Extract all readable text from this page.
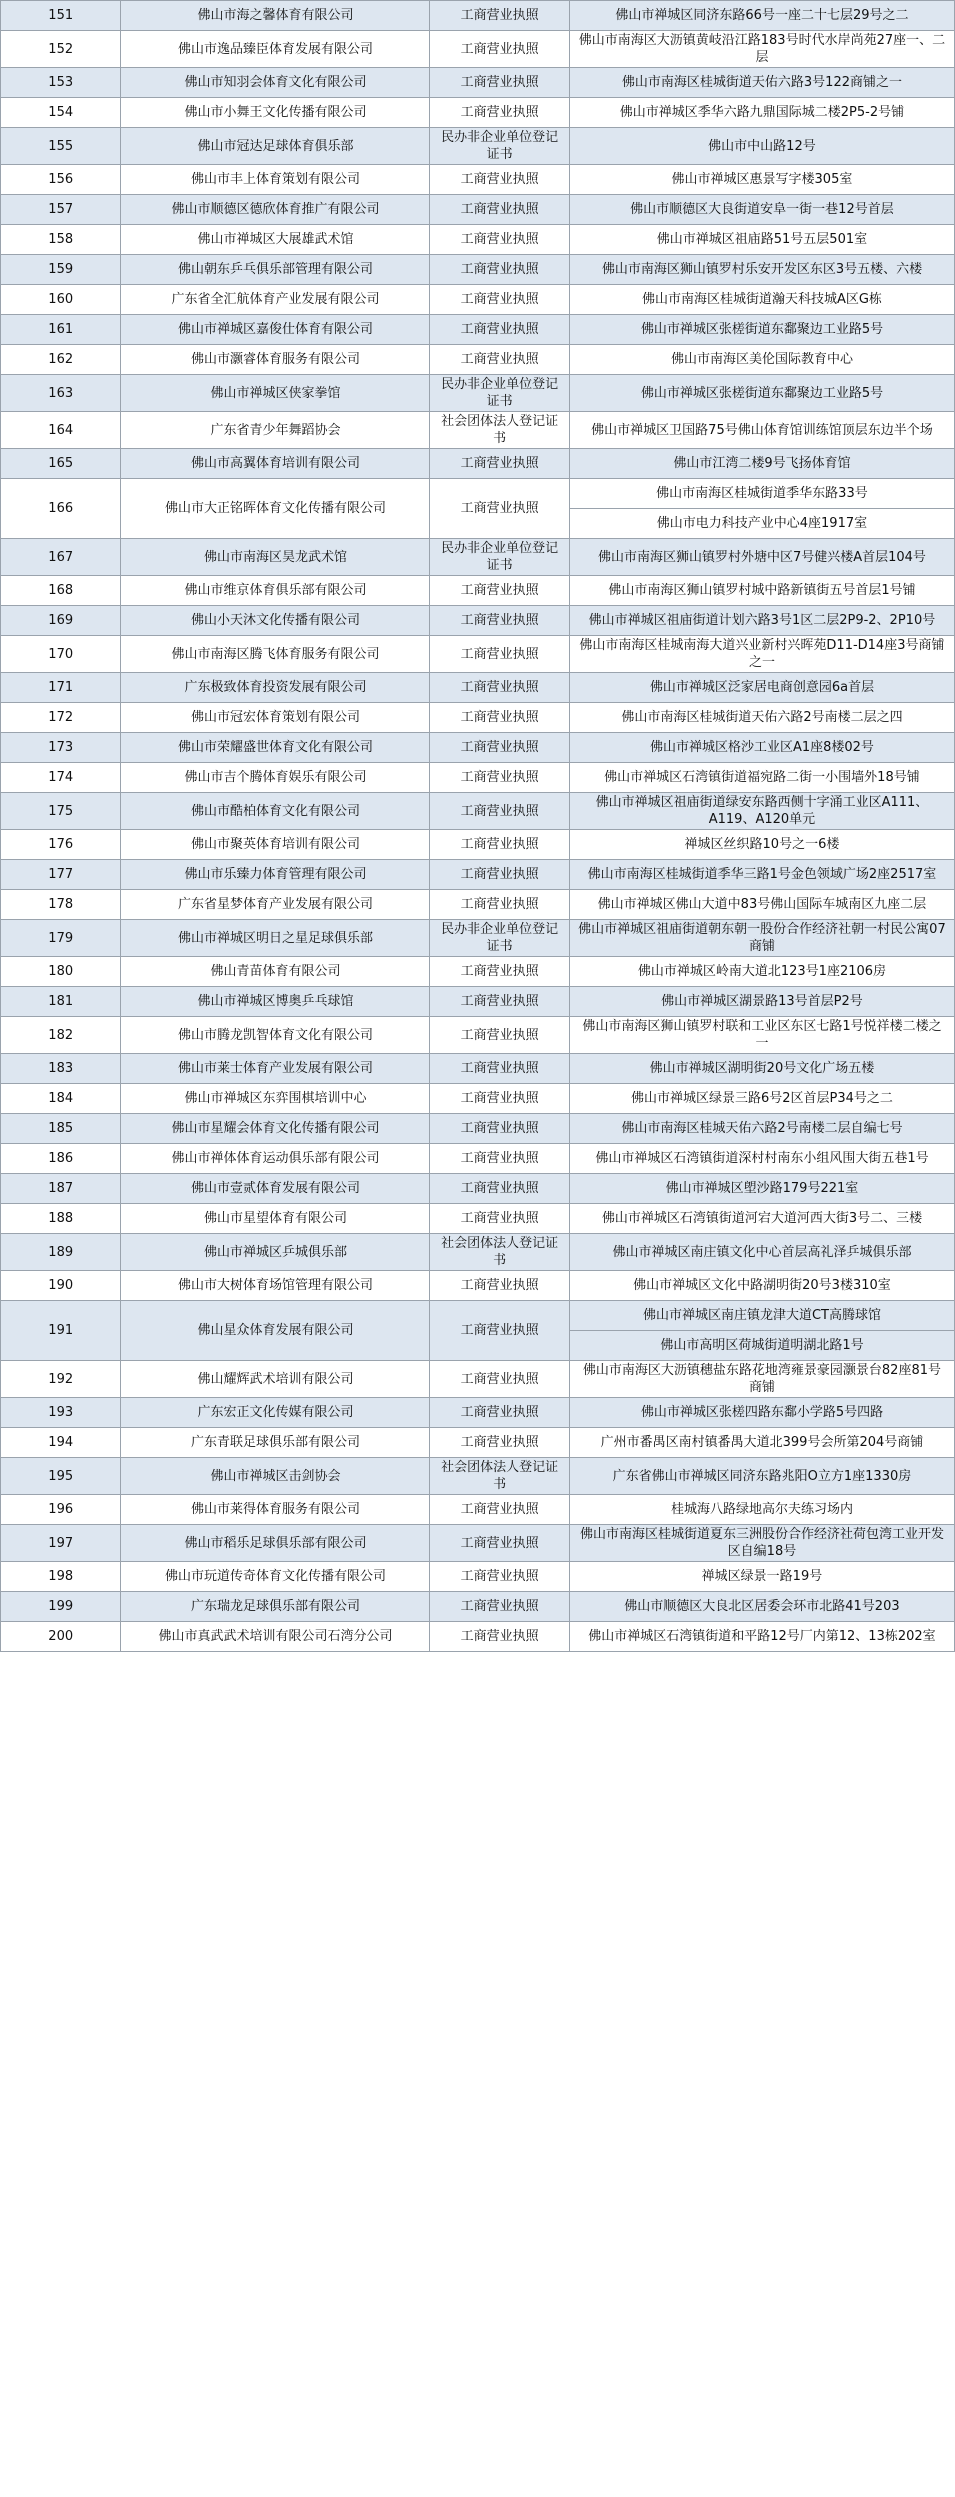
151	佛山市海之馨体育有限公司	工商营业执照	佛山市禅城区同济东路66号一座二十七层29号之二
152	佛山市逸品臻臣体育发展有限公司	工商营业执照	佛山市南海区大沥镇黄岐沿江路183号时代水岸尚苑27座一、二层
153	佛山市知羽会体育文化有限公司	工商营业执照	佛山市南海区桂城街道天佑六路3号122商铺之一
154	佛山市小舞王文化传播有限公司	工商营业执照	佛山市禅城区季华六路九鼎国际城二楼2P5-2号铺
155	佛山市冠达足球体育俱乐部	民办非企业单位登记证书	佛山市中山路12号
156	佛山市丰上体育策划有限公司	工商营业执照	佛山市禅城区惠景写字楼305室
157	佛山市顺德区德欣体育推广有限公司	工商营业执照	佛山市顺德区大良街道安阜一街一巷12号首层
158	佛山市禅城区大展雄武术馆	工商营业执照	佛山市禅城区祖庙路51号五层501室
159	佛山朝东乒乓俱乐部管理有限公司	工商营业执照	佛山市南海区狮山镇罗村乐安开发区东区3号五楼、六楼
160	广东省全汇航体育产业发展有限公司	工商营业执照	佛山市南海区桂城街道瀚天科技城A区G栋
161	佛山市禅城区嘉俊仕体育有限公司	工商营业执照	佛山市禅城区张槎街道东鄱聚边工业路5号
162	佛山市灏睿体育服务有限公司	工商营业执照	佛山市南海区美伦国际教育中心
163	佛山市禅城区侠家拳馆	民办非企业单位登记证书	佛山市禅城区张槎街道东鄱聚边工业路5号
164	广东省青少年舞蹈协会	社会团体法人登记证书	佛山市禅城区卫国路75号佛山体育馆训练馆顶层东边半个场
165	佛山市高翼体育培训有限公司	工商营业执照	佛山市江湾二楼9号飞扬体育馆
166	佛山市大正铭晖体育文化传播有限公司	工商营业执照	佛山市南海区桂城街道季华东路33号
			佛山市电力科技产业中心4座1917室
167	佛山市南海区昊龙武术馆	民办非企业单位登记证书	佛山市南海区狮山镇罗村外塘中区7号健兴楼A首层104号
168	佛山市维京体育俱乐部有限公司	工商营业执照	佛山市南海区狮山镇罗村城中路新镇街五号首层1号铺
169	佛山小天沐文化传播有限公司	工商营业执照	佛山市禅城区祖庙街道计划六路3号1区二层2P9-2、2P10号
170	佛山市南海区腾飞体育服务有限公司	工商营业执照	佛山市南海区桂城南海大道兴业新村兴晖苑D11-D14座3号商铺之一
171	广东极致体育投资发展有限公司	工商营业执照	佛山市禅城区泛家居电商创意园6a首层
172	佛山市冠宏体育策划有限公司	工商营业执照	佛山市南海区桂城街道天佑六路2号南楼二层之四
173	佛山市荣耀盛世体育文化有限公司	工商营业执照	佛山市禅城区格沙工业区A1座8楼02号
174	佛山市吉个腾体育娱乐有限公司	工商营业执照	佛山市禅城区石湾镇街道福宛路二街一小围墙外18号铺
175	佛山市酷柏体育文化有限公司	工商营业执照	佛山市禅城区祖庙街道绿安东路西侧十字涌工业区A111、A119、A120单元
176	佛山市聚英体育培训有限公司	工商营业执照	禅城区丝织路10号之一6楼
177	佛山市乐臻力体育管理有限公司	工商营业执照	佛山市南海区桂城街道季华三路1号金色领域广场2座2517室
178	广东省星梦体育产业发展有限公司	工商营业执照	佛山市禅城区佛山大道中83号佛山国际车城南区九座二层
179	佛山市禅城区明日之星足球俱乐部	民办非企业单位登记证书	佛山市禅城区祖庙街道朝东朝一股份合作经济社朝一村民公寓07商铺
180	佛山青苗体育有限公司	工商营业执照	佛山市禅城区岭南大道北123号1座2106房
181	佛山市禅城区博奥乒乓球馆	工商营业执照	佛山市禅城区湖景路13号首层P2号
182	佛山市腾龙凯智体育文化有限公司	工商营业执照	佛山市南海区狮山镇罗村联和工业区东区七路1号悦祥楼二楼之一
183	佛山市莱士体育产业发展有限公司	工商营业执照	佛山市禅城区湖明街20号文化广场五楼
184	佛山市禅城区东弈围棋培训中心	工商营业执照	佛山市禅城区绿景三路6号2区首层P34号之二
185	佛山市星耀会体育文化传播有限公司	工商营业执照	佛山市南海区桂城天佑六路2号南楼二层自编七号
186	佛山市禅体体育运动俱乐部有限公司	工商营业执照	佛山市禅城区石湾镇街道深村村南东小组风围大街五巷1号
187	佛山市壹贰体育发展有限公司	工商营业执照	佛山市禅城区塱沙路179号221室
188	佛山市星望体育有限公司	工商营业执照	佛山市禅城区石湾镇街道河宕大道河西大街3号二、三楼
189	佛山市禅城区乒城俱乐部	社会团体法人登记证书	佛山市禅城区南庄镇文化中心首层高礼泽乒城俱乐部
190	佛山市大树体育场馆管理有限公司	工商营业执照	佛山市禅城区文化中路湖明街20号3楼310室
191	佛山星众体育发展有限公司	工商营业执照	佛山市禅城区南庄镇龙津大道CT高腾球馆
			佛山市高明区荷城街道明湖北路1号
192	佛山耀辉武术培训有限公司	工商营业执照	佛山市南海区大沥镇穗盐东路花地湾雍景豪园灏景台82座81号商铺
193	广东宏正文化传媒有限公司	工商营业执照	佛山市禅城区张槎四路东鄱小学路5号四路
194	广东青联足球俱乐部有限公司	工商营业执照	广州市番禺区南村镇番禺大道北399号会所第204号商铺
195	佛山市禅城区击剑协会	社会团体法人登记证书	广东省佛山市禅城区同济东路兆阳O立方1座1330房
196	佛山市莱得体育服务有限公司	工商营业执照	桂城海八路绿地高尔夫练习场内
197	佛山市稻乐足球俱乐部有限公司	工商营业执照	佛山市南海区桂城街道夏东三洲股份合作经济社荷包湾工业开发区自编18号
198	佛山市玩道传奇体育文化传播有限公司	工商营业执照	禅城区绿景一路19号
199	广东瑞龙足球俱乐部有限公司	工商营业执照	佛山市顺德区大良北区居委会环市北路41号203
200	佛山市真武武术培训有限公司石湾分公司	工商营业执照	佛山市禅城区石湾镇街道和平路12号厂内第12、13栋202室
